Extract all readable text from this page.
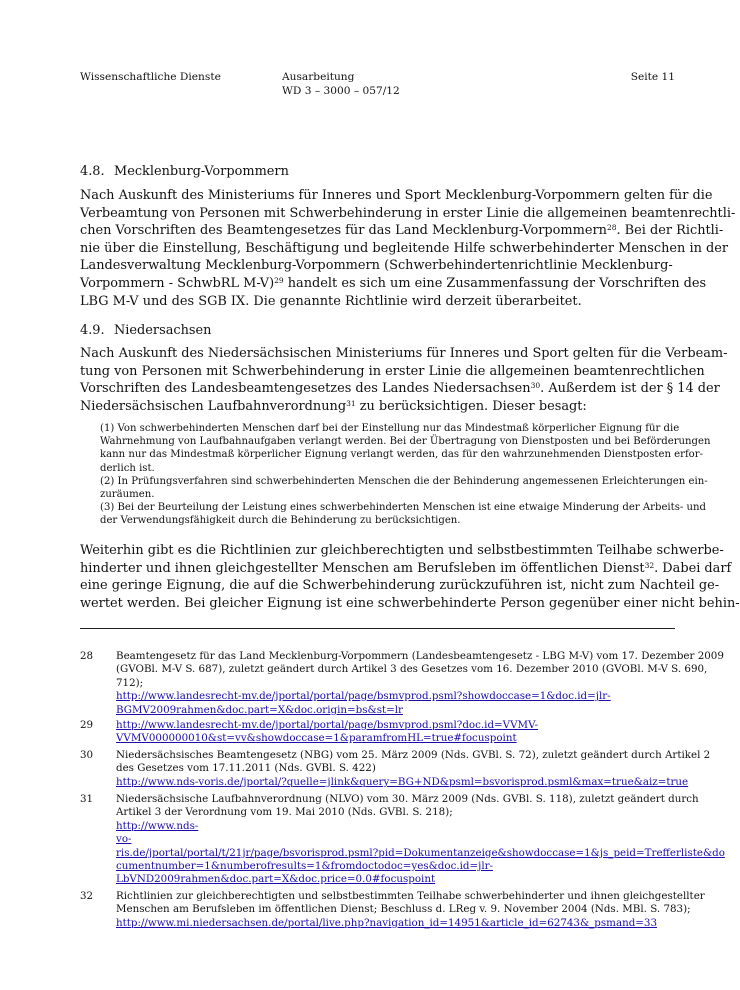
Wissenschaftliche Dienste	Ausarbeitung
WD 3 – 3000 – 057/12
Seite 11
4.8. Mecklenburg-Vorpommern
Nach Auskunft des Ministeriums für Inneres und Sport Mecklenburg-Vorpommern gelten für die
Verbeamtung von Personen mit Schwerbehinderung in erster Linie die allgemeinen beamtenrechtli-
chen Vorschriften des Beamtengesetzes für das Land Mecklenburg-Vorpommern$^{28}$. Bei der Richtli-
nie über die Einstellung, Beschäftigung und begleitende Hilfe schwerbehinderter Menschen in der
Landesverwaltung Mecklenburg-Vorpommern (Schwerbehindertenrichtlinie Mecklenburg-
Vorpommern - SchwbRL M-V)$^{29}$ handelt es sich um eine Zusammenfassung der Vorschriften des
LBG M-V und des SGB IX. Die genannte Richtlinie wird derzeit überarbeitet.
4.9. Niedersachsen
Nach Auskunft des Niedersächsischen Ministeriums für Inneres und Sport gelten für die Verbeam-
tung von Personen mit Schwerbehinderung in erster Linie die allgemeinen beamtenrechtlichen
Vorschriften des Landesbeamtengesetzes des Landes Niedersachsen$^{30}$. Außerdem ist der § 14 der
Niedersächsischen Laufbahnverordnung$^{31}$ zu berücksichtigen. Dieser besagt:
(1) Von schwerbehinderten Menschen darf bei der Einstellung nur das Mindestmaß körperlicher Eignung für die
Wahrnehmung von Laufbahnaufgaben verlangt werden. Bei der Übertragung von Dienstposten und bei Beförderungen
kann nur das Mindestmaß körperlicher Eignung verlangt werden, das für den wahrzunehmenden Dienstposten erfor-
derlich ist.
(2) In Prüfungsverfahren sind schwerbehinderten Menschen die der Behinderung angemessenen Erleichterungen ein-
zuräumen.
(3) Bei der Beurteilung der Leistung eines schwerbehinderten Menschen ist eine etwaige Minderung der Arbeits- und
der Verwendungsfähigkeit durch die Behinderung zu berücksichtigen.
Weiterhin gibt es die Richtlinien zur gleichberechtigten und selbstbestimmten Teilhabe schwerbe-
hinderter und ihnen gleichgestellter Menschen am Berufsleben im öffentlichen Dienst$^{32}$. Dabei darf
eine geringe Eignung, die auf die Schwerbehinderung zurückzuführen ist, nicht zum Nachteil ge-
wertet werden. Bei gleicher Eignung ist eine schwerbehinderte Person gegenüber einer nicht behin-
28 Beamtengesetz für das Land Mecklenburg-Vorpommern (Landesbeamtengesetz - LBG M-V) vom 17. Dezember 2009
(GVOBl. M-V S. 687), zuletzt geändert durch Artikel 3 des Gesetzes vom 16. Dezember 2010 (GVOBl. M-V S. 690,
712);
http://www.landesrecht-mv.de/jportal/portal/page/bsmvprod.psml?showdoccase=1&doc.id=jlr-
BGMV2009rahmen&doc.part=X&doc.origin=bs&st=lr
29 http://www.landesrecht-mv.de/jportal/portal/page/bsmvprod.psml?doc.id=VVMV-
VVMV000000010&st=vv&showdoccase=1&paramfromHL=true#focuspoint
30 Niedersächsisches Beamtengesetz (NBG) vom 25. März 2009 (Nds. GVBl. S. 72), zuletzt geändert durch Artikel 2
des Gesetzes vom 17.11.2011 (Nds. GVBl. S. 422)
http://www.nds-voris.de/jportal/?quelle=jlink&query=BG+ND&psml=bsvorisprod.psml&max=true&aiz=true
31 Niedersächsische Laufbahnverordnung (NLVO) vom 30. März 2009 (Nds. GVBl. S. 118), zuletzt geändert durch
Artikel 3 der Verordnung vom 19. Mai 2010 (Nds. GVBl. S. 218);
http://www.nds-
vo-
ris.de/jportal/portal/t/21jr/page/bsvorisprod.psml?pid=Dokumentanzeige&showdoccase=1&js_peid=Trefferliste&do
cumentnumber=1&numberofresults=1&fromdoctodoc=yes&doc.id=jlr-
LbVND2009rahmen&doc.part=X&doc.price=0.0#focuspoint
32 Richtlinien zur gleichberechtigten und selbstbestimmten Teilhabe schwerbehinderter und ihnen gleichgestellter
Menschen am Berufsleben im öffentlichen Dienst; Beschluss d. LReg v. 9. November 2004 (Nds. MBl. S. 783);
http://www.mi.niedersachsen.de/portal/live.php?navigation_id=14951&article_id=62743&_psmand=33
